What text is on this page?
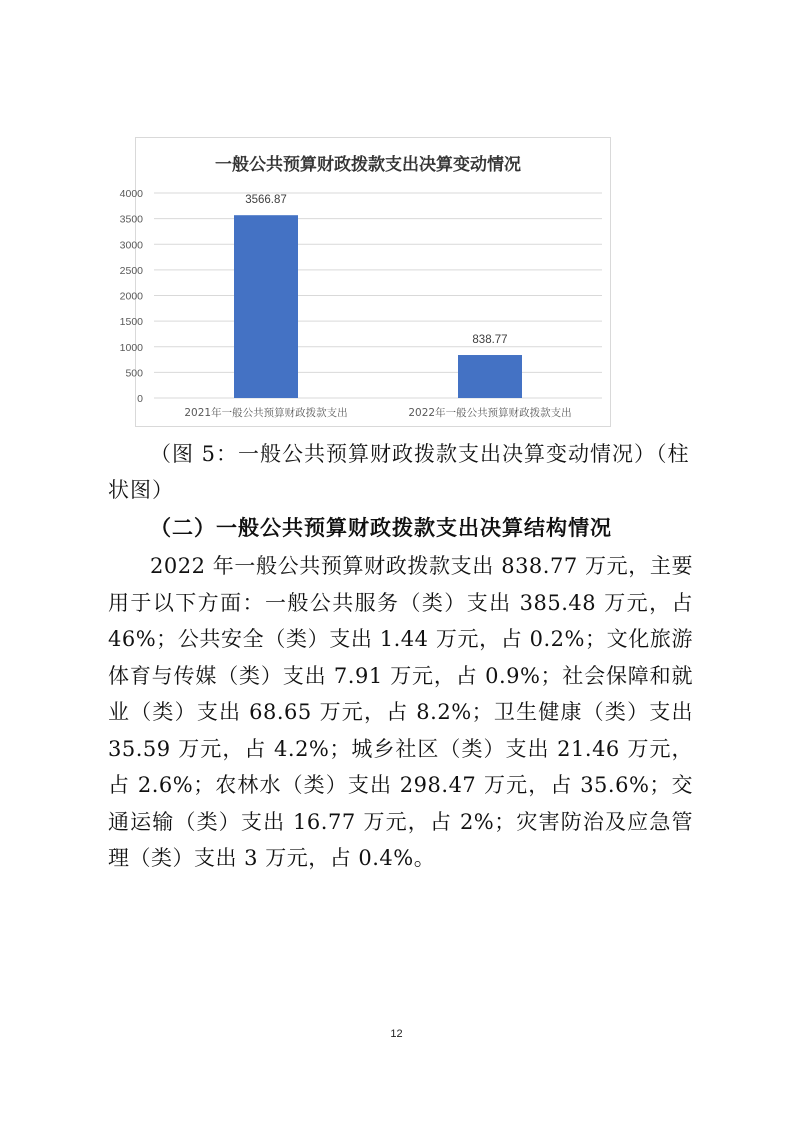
一般公共预算财政拨款支出决算变动情况
0
500
1000
1500
2000
2500
3000
3500
4000
3566.87
2021年一般公共预算财政拨款支出
838.77
2022年一般公共预算财政拨款支出
（图 5：一般公共预算财政拨款支出决算变动情况）（柱状图）
（二）一般公共预算财政拨款支出决算结构情况
2022 年一般公共预算财政拨款支出 838.77 万元，主要用于以下方面：一般公共服务（类）支出 385.48 万元，占 46%；公共安全（类）支出 1.44 万元，占 0.2%；文化旅游体育与传媒（类）支出 7.91 万元，占 0.9%；社会保障和就业（类）支出 68.65 万元，占 8.2%；卫生健康（类）支出 35.59 万元，占 4.2%；城乡社区（类）支出 21.46 万元，占 2.6%；农林水（类）支出 298.47 万元，占 35.6%；交通运输（类）支出 16.77 万元，占 2%；灾害防治及应急管理（类）支出 3 万元，占 0.4%。
12
